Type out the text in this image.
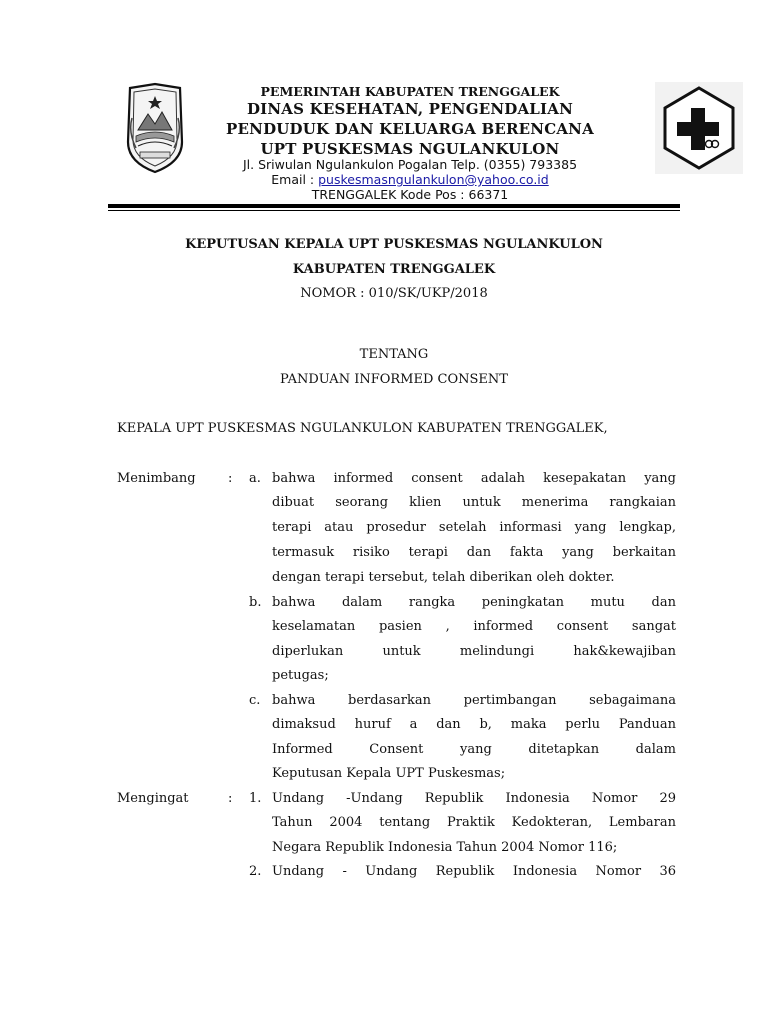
PEMERINTAH KABUPATEN TRENGGALEK
DINAS KESEHATAN, PENGENDALIAN
PENDUDUK DAN KELUARGA BERENCANA
UPT PUSKESMAS NGULANKULON
Jl. Sriwulan Ngulankulon Pogalan Telp. (0355) 793385
Email : puskesmasngulankulon@yahoo.co.id
TRENGGALEK Kode Pos : 66371
KEPUTUSAN KEPALA UPT PUSKESMAS NGULANKULON
KABUPATEN TRENGGALEK
NOMOR : 010/SK/UKP/2018
TENTANG
PANDUAN INFORMED CONSENT
KEPALA UPT PUSKESMAS NGULANKULON KABUPATEN TRENGGALEK,
Menimbang : a. bahwa informed consent adalah kesepakatan yang
dibuat seorang klien untuk menerima rangkaian
terapi atau prosedur setelah informasi yang lengkap,
termasuk risiko terapi dan fakta yang berkaitan
dengan terapi tersebut, telah diberikan oleh dokter.
b. bahwa dalam rangka peningkatan mutu dan
keselamatan pasien , informed consent sangat
diperlukan untuk melindungi hak&kewajiban
petugas;
c. bahwa berdasarkan pertimbangan sebagaimana
dimaksud huruf a dan b, maka perlu Panduan
Informed Consent yang ditetapkan dalam
Keputusan Kepala UPT Puskesmas;
Mengingat	: 1. Undang -Undang Republik Indonesia Nomor 29
Tahun 2004 tentang Praktik Kedokteran, Lembaran
Negara Republik Indonesia Tahun 2004 Nomor 116;
2. Undang - Undang Republik Indonesia Nomor 36
